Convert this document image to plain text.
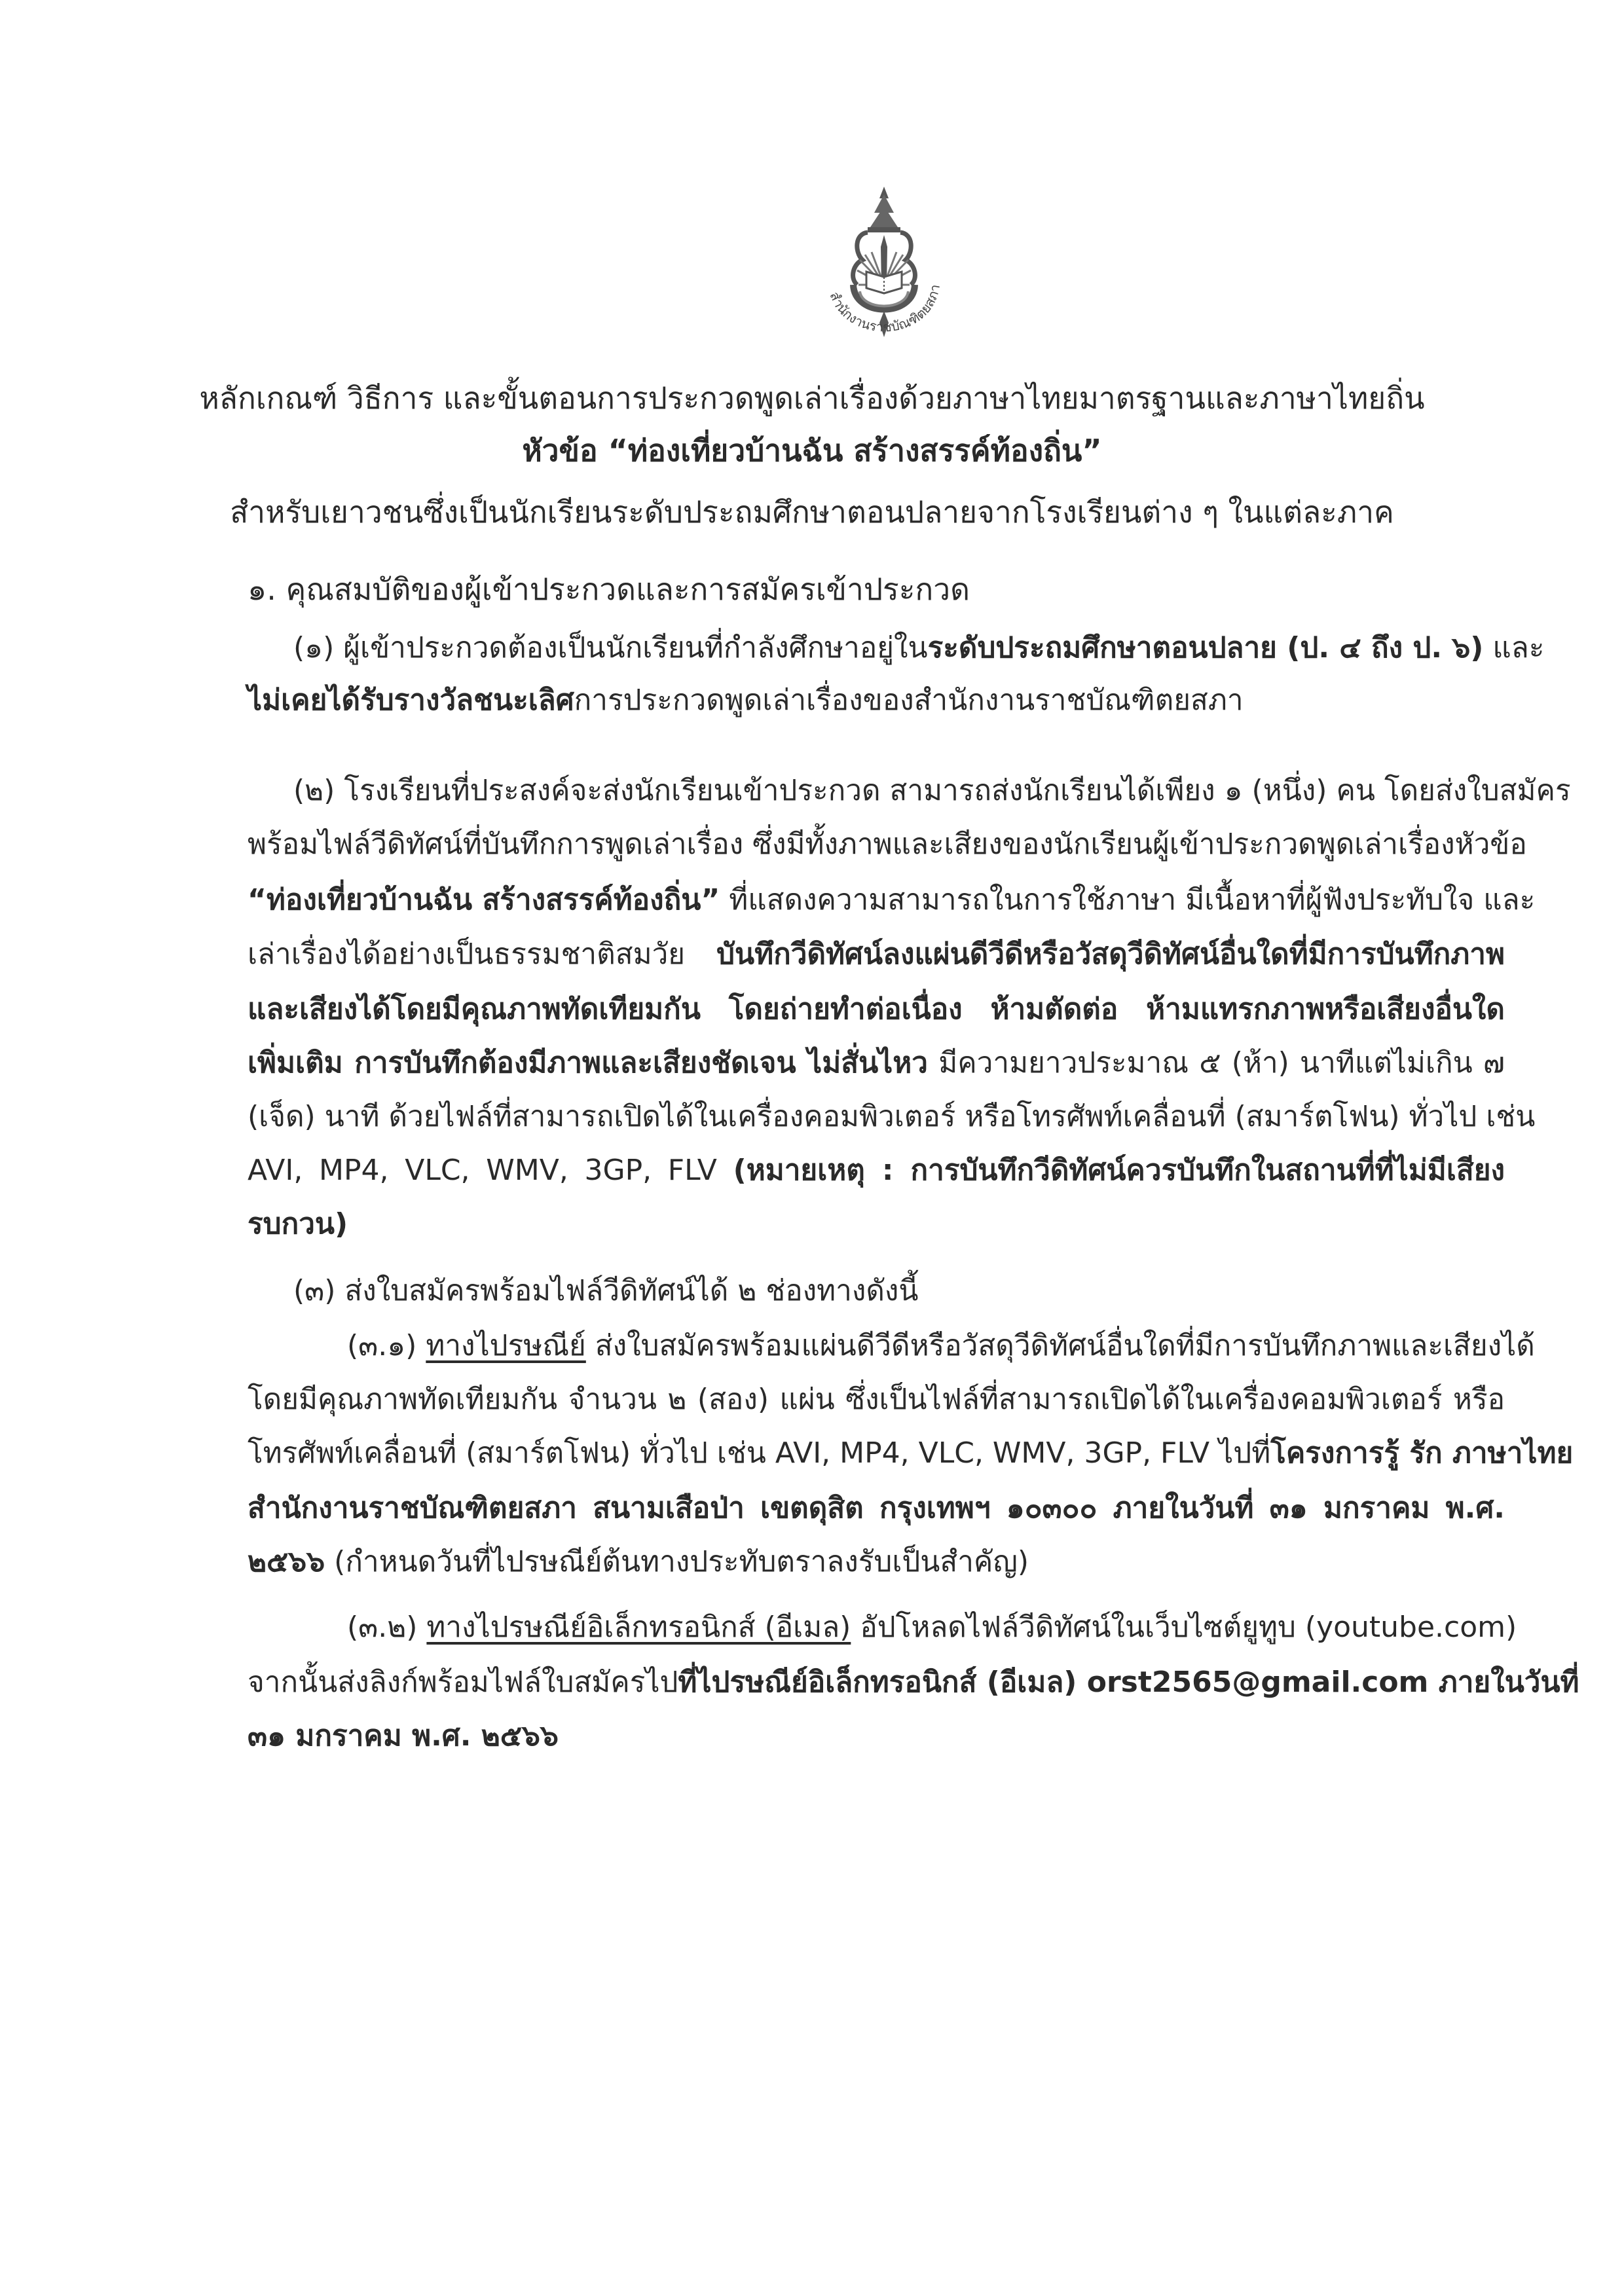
สำนักงานราชบัณฑิตยสภา
หลักเกณฑ์ วิธีการ และขั้นตอนการประกวดพูดเล่าเรื่องด้วยภาษาไทยมาตรฐานและภาษาไทยถิ่น
หัวข้อ “ท่องเที่ยวบ้านฉัน สร้างสรรค์ท้องถิ่น”
สำหรับเยาวชนซึ่งเป็นนักเรียนระดับประถมศึกษาตอนปลายจากโรงเรียนต่าง ๆ ในแต่ละภาค
๑. คุณสมบัติของผู้เข้าประกวดและการสมัครเข้าประกวด
(๑) ผู้เข้าประกวดต้องเป็นนักเรียนที่กำลังศึกษาอยู่ในระดับประถมศึกษาตอนปลาย (ป. ๔ ถึง ป. ๖) และ
ไม่เคยได้รับรางวัลชนะเลิศการประกวดพูดเล่าเรื่องของสำนักงานราชบัณฑิตยสภา
(๒) โรงเรียนที่ประสงค์จะส่งนักเรียนเข้าประกวด สามารถส่งนักเรียนได้เพียง ๑ (หนึ่ง) คน โดยส่งใบสมัคร
พร้อมไฟล์วีดิทัศน์ที่บันทึกการพูดเล่าเรื่อง ซึ่งมีทั้งภาพและเสียงของนักเรียนผู้เข้าประกวดพูดเล่าเรื่องหัวข้อ
“ท่องเที่ยวบ้านฉัน สร้างสรรค์ท้องถิ่น” ที่แสดงความสามารถในการใช้ภาษา มีเนื้อหาที่ผู้ฟังประทับใจ และ
เล่าเรื่องได้อย่างเป็นธรรมชาติสมวัย บันทึกวีดิทัศน์ลงแผ่นดีวีดีหรือวัสดุวีดิทัศน์อื่นใดที่มีการบันทึกภาพ
และเสียงได้โดยมีคุณภาพทัดเทียมกัน โดยถ่ายทำต่อเนื่อง ห้ามตัดต่อ ห้ามแทรกภาพหรือเสียงอื่นใด
เพิ่มเติม การบันทึกต้องมีภาพและเสียงชัดเจน ไม่สั่นไหว มีความยาวประมาณ ๕ (ห้า) นาทีแต่ไม่เกิน ๗
(เจ็ด) นาที ด้วยไฟล์ที่สามารถเปิดได้ในเครื่องคอมพิวเตอร์ หรือโทรศัพท์เคลื่อนที่ (สมาร์ตโฟน) ทั่วไป เช่น
AVI, MP4, VLC, WMV, 3GP, FLV (หมายเหตุ : การบันทึกวีดิทัศน์ควรบันทึกในสถานที่ที่ไม่มีเสียง
รบกวน)
(๓) ส่งใบสมัครพร้อมไฟล์วีดิทัศน์ได้ ๒ ช่องทางดังนี้
(๓.๑) ทางไปรษณีย์ ส่งใบสมัครพร้อมแผ่นดีวีดีหรือวัสดุวีดิทัศน์อื่นใดที่มีการบันทึกภาพและเสียงได้
โดยมีคุณภาพทัดเทียมกัน จำนวน ๒ (สอง) แผ่น ซึ่งเป็นไฟล์ที่สามารถเปิดได้ในเครื่องคอมพิวเตอร์ หรือ
โทรศัพท์เคลื่อนที่ (สมาร์ตโฟน) ทั่วไป เช่น AVI, MP4, VLC, WMV, 3GP, FLV ไปที่โครงการรู้ รัก ภาษาไทย
สำนักงานราชบัณฑิตยสภา สนามเสือป่า เขตดุสิต กรุงเทพฯ ๑๐๓๐๐ ภายในวันที่ ๓๑ มกราคม พ.ศ.
๒๕๖๖ (กำหนดวันที่ไปรษณีย์ต้นทางประทับตราลงรับเป็นสำคัญ)
(๓.๒) ทางไปรษณีย์อิเล็กทรอนิกส์ (อีเมล) อัปโหลดไฟล์วีดิทัศน์ในเว็บไซต์ยูทูบ (youtube.com)
จากนั้นส่งลิงก์พร้อมไฟล์ใบสมัครไปที่ไปรษณีย์อิเล็กทรอนิกส์ (อีเมล) orst2565@gmail.com ภายในวันที่
๓๑ มกราคม พ.ศ. ๒๕๖๖
